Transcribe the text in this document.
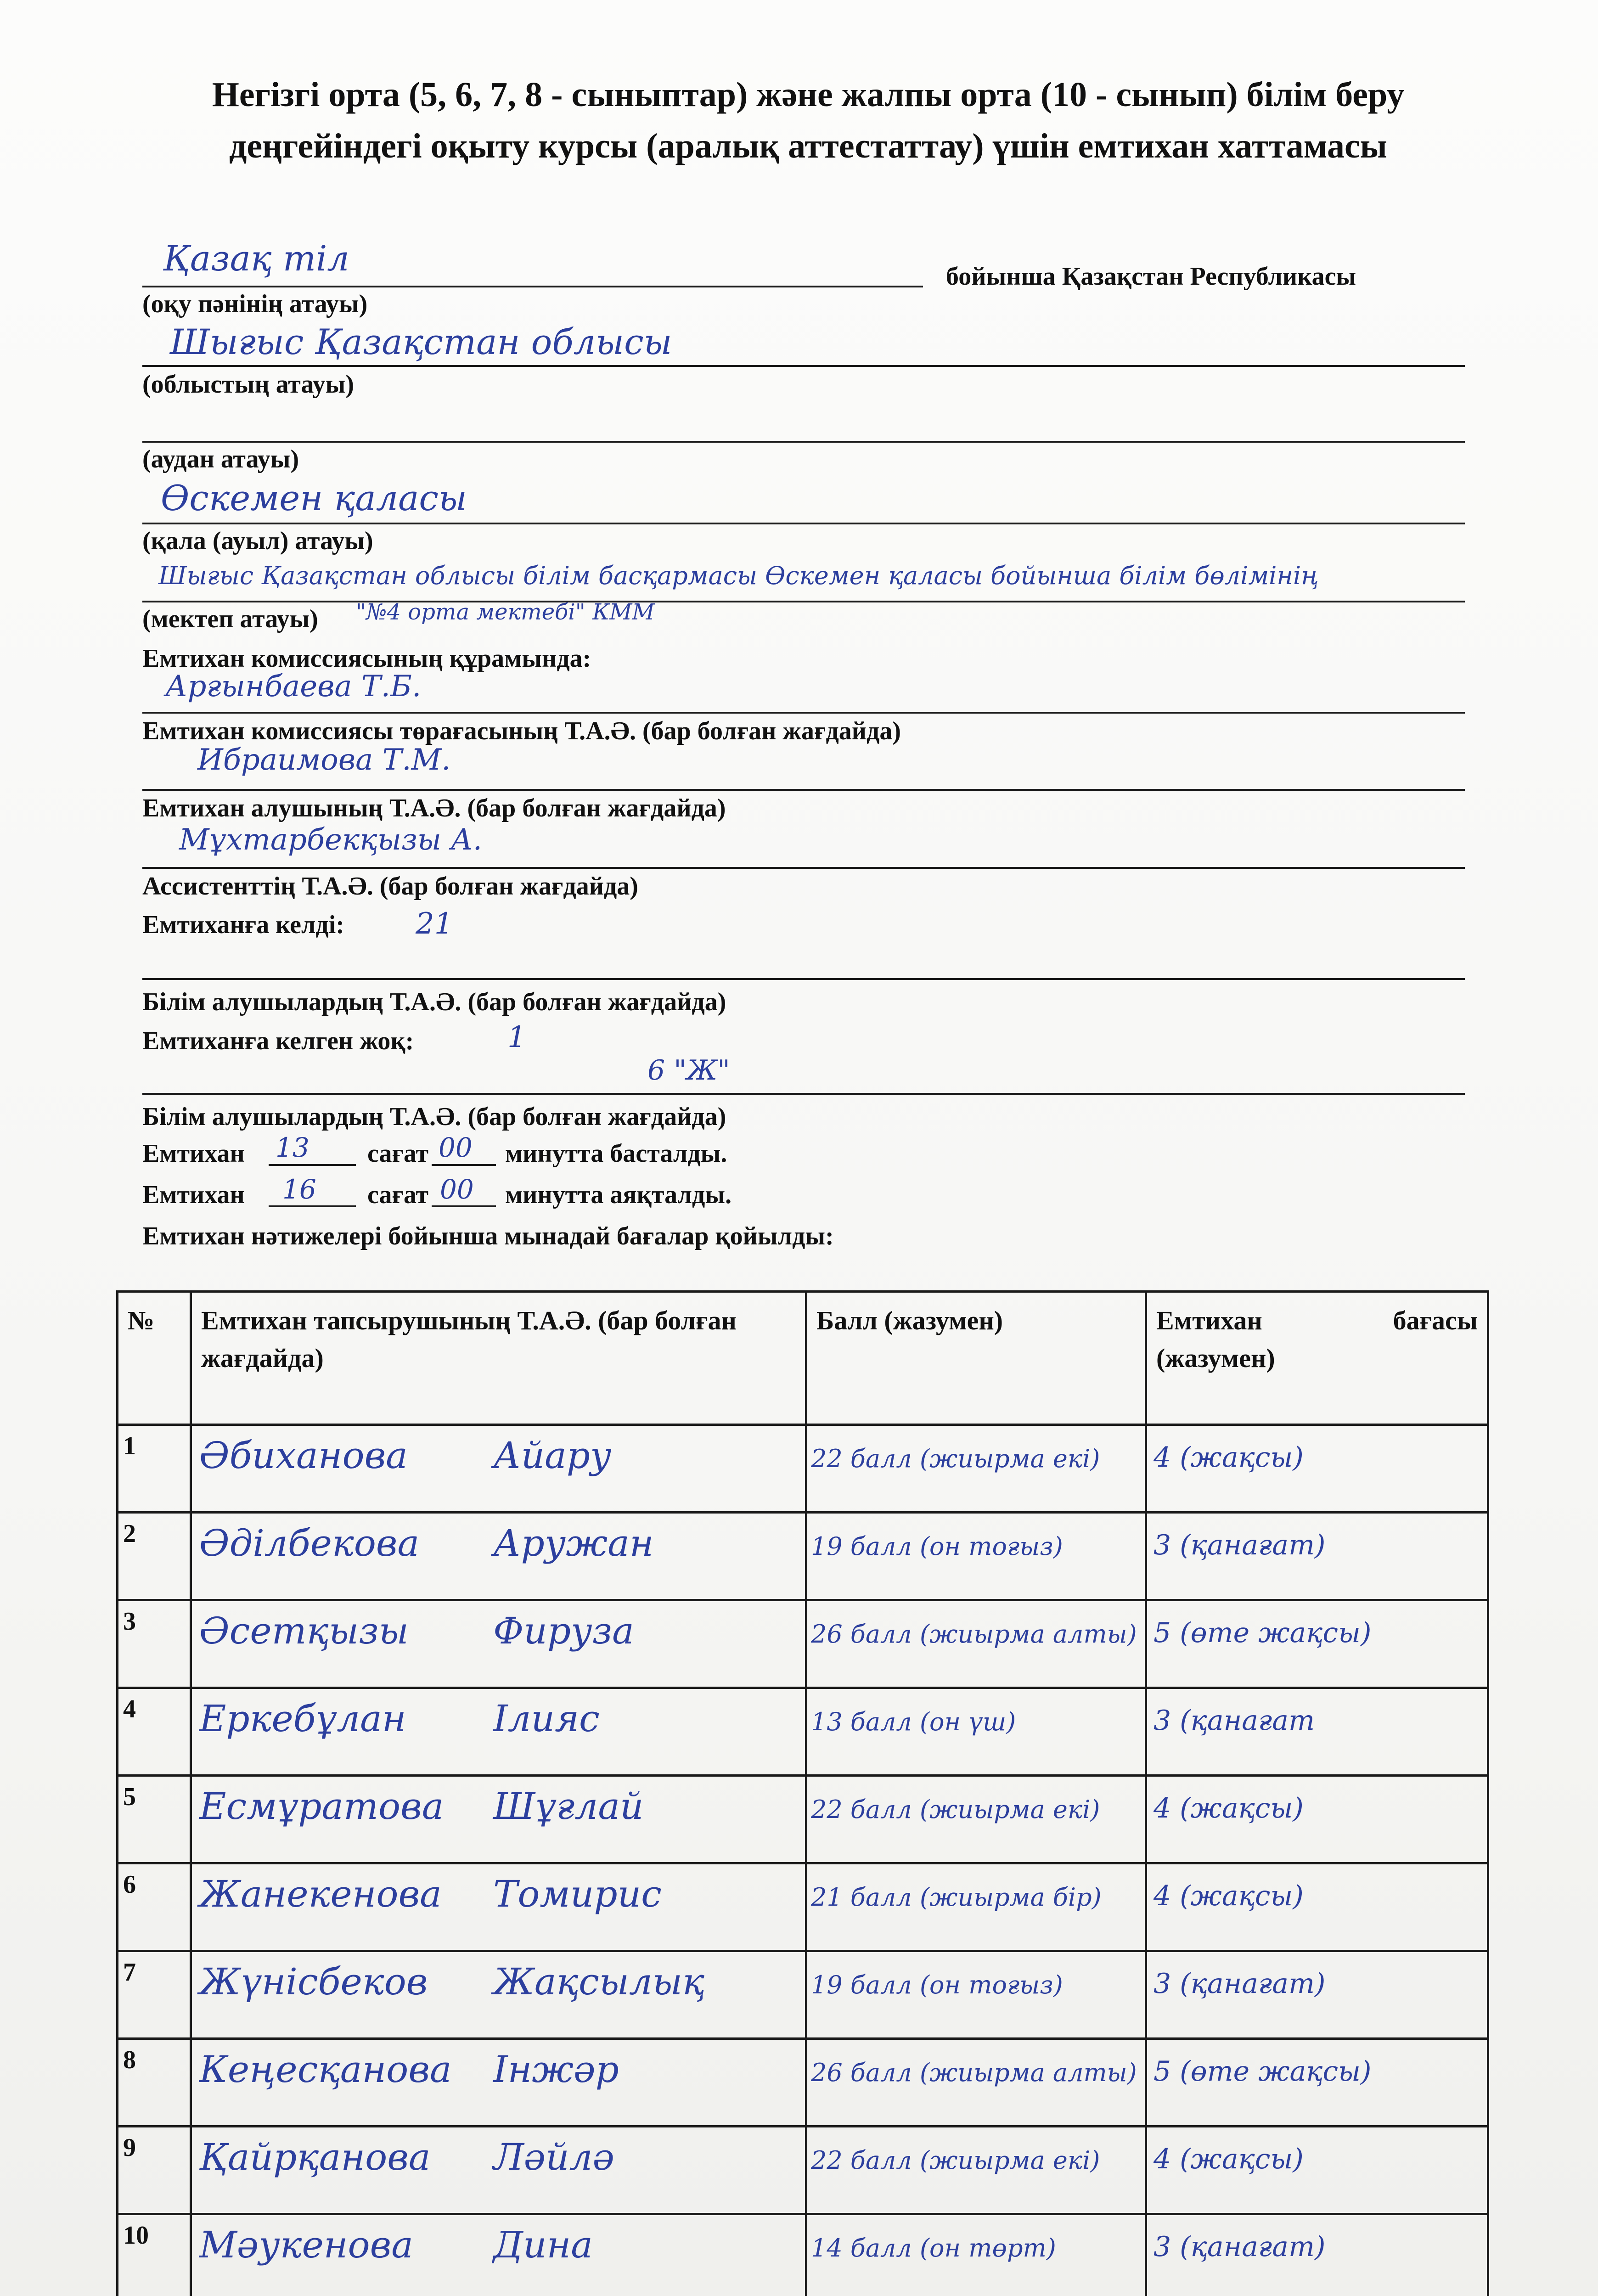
Негізгі орта (5, 6, 7, 8 - сыныптар) және жалпы орта (10 - сынып) білім беру деңгейіндегі оқыту курсы (аралық аттестаттау) үшін емтихан хаттамасы
Қазақ тіл	бойынша Қазақстан Республикасы
(оқу пәнінің атауы)
Шығыс Қазақстан облысы
(облыстың атауы)
(аудан атауы)
Өскемен қаласы
(қала (ауыл) атауы)
Шығыс Қазақстан облысы білім басқармасы Өскемен қаласы бойынша білім бөлімінің
(мектеп атауы) "№4 орта мектебі" КММ
Емтихан комиссиясының құрамында:
Арғынбаева Т.Б.
Емтихан комиссиясы төрағасының Т.А.Ә. (бар болған жағдайда)
Ибраимова Т.М.
Емтихан алушының Т.А.Ә. (бар болған жағдайда)
Мұхтарбекқызы А.
Ассистенттің Т.А.Ә. (бар болған жағдайда)
Емтиханға келді: 21
Білім алушылардың Т.А.Ә. (бар болған жағдайда)
Емтиханға келген жоқ:	1
6 "Ж"
Білім алушылардың Т.А.Ә. (бар болған жағдайда)
Емтихан 13 сағат 00 минутта басталды.
Емтихан 16 сағат 00 минутта аяқталды.
Емтихан нәтижелері бойынша мынадай бағалар қойылды:
№	Емтихан тапсырушының Т.А.Ә. (бар болған жағдайда)	Балл (жазумен)	Емтихан бағасы
(жазумен)

1	Әбиханова Айару	22 балл (жиырма екі)	4 (жақсы)
2	Әділбекова Аружан	19 балл (он тоғыз)	3 (қанағат)
3	Әсетқызы Фируза	26 балл (жиырма алты)	5 (өте жақсы)
4	Еркебұлан Ілияс	13 балл (он үш)	3 (қанағат
5	Есмұратова Шұғлай	22 балл (жиырма екі)	4 (жақсы)
6	Жанекенова Томирис	21 балл (жиырма бір)	4 (жақсы)
7	Жүнісбеков Жақсылық	19 балл (он тоғыз)	3 (қанағат)
8	Кеңесқанова Інжәр	26 балл (жиырма алты)	5 (өте жақсы)
9	Қайрқанова Ләйлә	22 балл (жиырма екі)	4 (жақсы)
10	Мәукенова Дина	14 балл (он төрт)	3 (қанағат)
